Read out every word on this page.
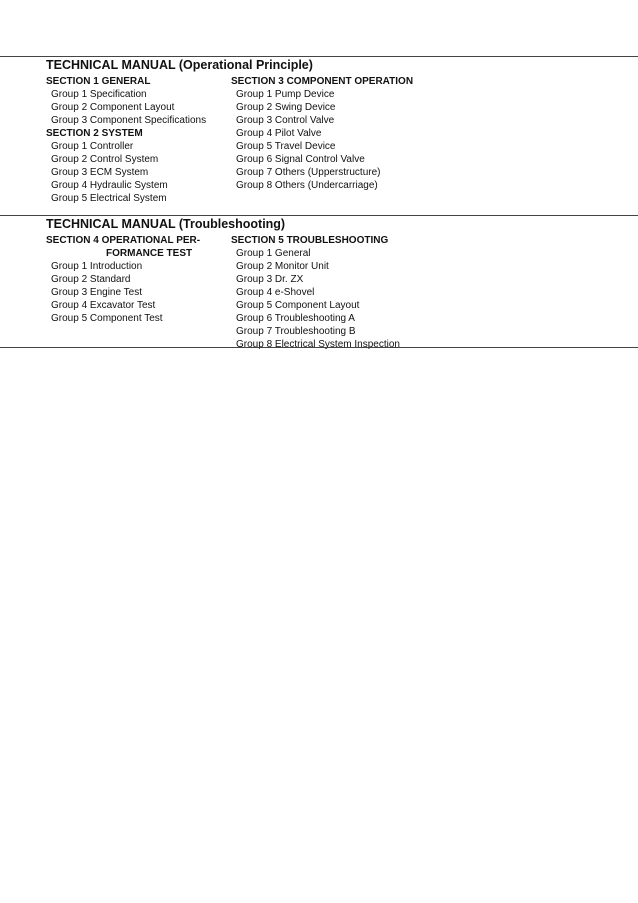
TECHNICAL MANUAL (Operational Principle)
SECTION 1 GENERAL
Group 1 Specification
Group 2 Component Layout
Group 3 Component Specifications
SECTION 2 SYSTEM
Group 1 Controller
Group 2 Control System
Group 3 ECM System
Group 4 Hydraulic System
Group 5 Electrical System
SECTION 3 COMPONENT OPERATION
Group 1 Pump Device
Group 2 Swing Device
Group 3 Control Valve
Group 4 Pilot Valve
Group 5 Travel Device
Group 6 Signal Control Valve
Group 7 Others (Upperstructure)
Group 8 Others (Undercarriage)
TECHNICAL MANUAL (Troubleshooting)
SECTION 4 OPERATIONAL PER-
FORMANCE TEST
Group 1 Introduction
Group 2 Standard
Group 3 Engine Test
Group 4 Excavator Test
Group 5 Component Test
SECTION 5 TROUBLESHOOTING
Group 1 General
Group 2 Monitor Unit
Group 3 Dr. ZX
Group 4 e-Shovel
Group 5 Component Layout
Group 6 Troubleshooting A
Group 7 Troubleshooting B
Group 8 Electrical System Inspection
